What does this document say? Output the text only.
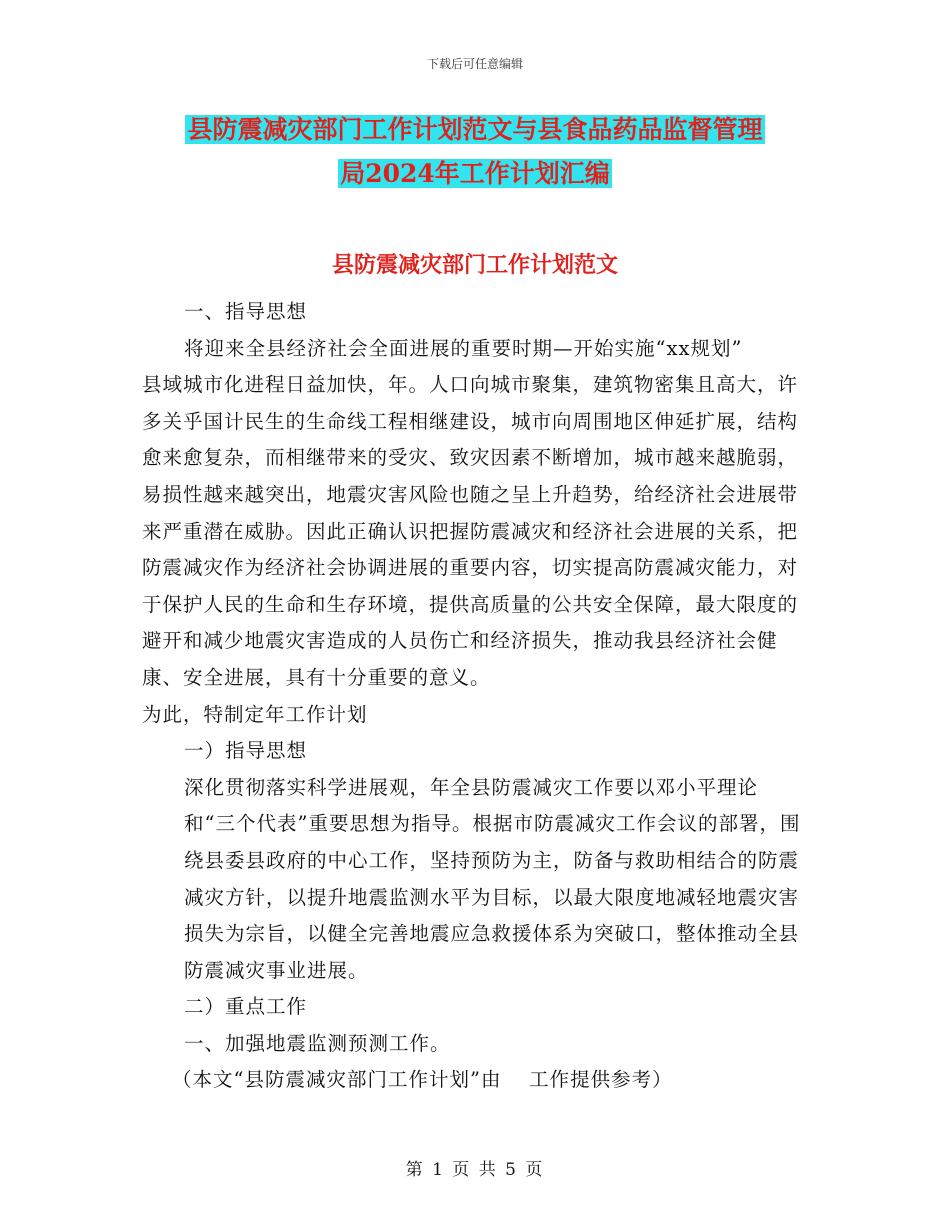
下载后可任意编辑
县防震减灾部门工作计划范文与县食品药品监督管理
局2024年工作计划汇编
县防震减灾部门工作计划范文

一、指导思想

将迎来全县经济社会全面进展的重要时期—开始实施“xx规划”

县域城市化进程日益加快，年。人口向城市聚集，建筑物密集且高大，许多关乎国计民生的生命线工程相继建设，城市向周围地区伸延扩展，结构愈来愈复杂，而相继带来的受灾、致灾因素不断增加，城市越来越脆弱，易损性越来越突出，地震灾害风险也随之呈上升趋势，给经济社会进展带来严重潜在威胁。因此正确认识把握防震减灾和经济社会进展的关系，把防震减灾作为经济社会协调进展的重要内容，切实提高防震减灾能力，对于保护人民的生命和生存环境，提供高质量的公共安全保障，最大限度的避开和减少地震灾害造成的人员伤亡和经济损失，推动我县经济社会健康、安全进展，具有十分重要的意义。

为此，特制定年工作计划

一）指导思想

深化贯彻落实科学进展观，年全县防震减灾工作要以邓小平理论和“三个代表”重要思想为指导。根据市防震减灾工作会议的部署，围绕县委县政府的中心工作，坚持预防为主，防备与救助相结合的防震减灾方针，以提升地震监测水平为目标，以最大限度地减轻地震灾害损失为宗旨，以健全完善地震应急救援体系为突破口，整体推动全县防震减灾事业进展。

二）重点工作

一、加强地震监测预测工作。

（本文“县防震减灾部门工作计划”由　 工作提供参考）

第 1 页 共 5 页
